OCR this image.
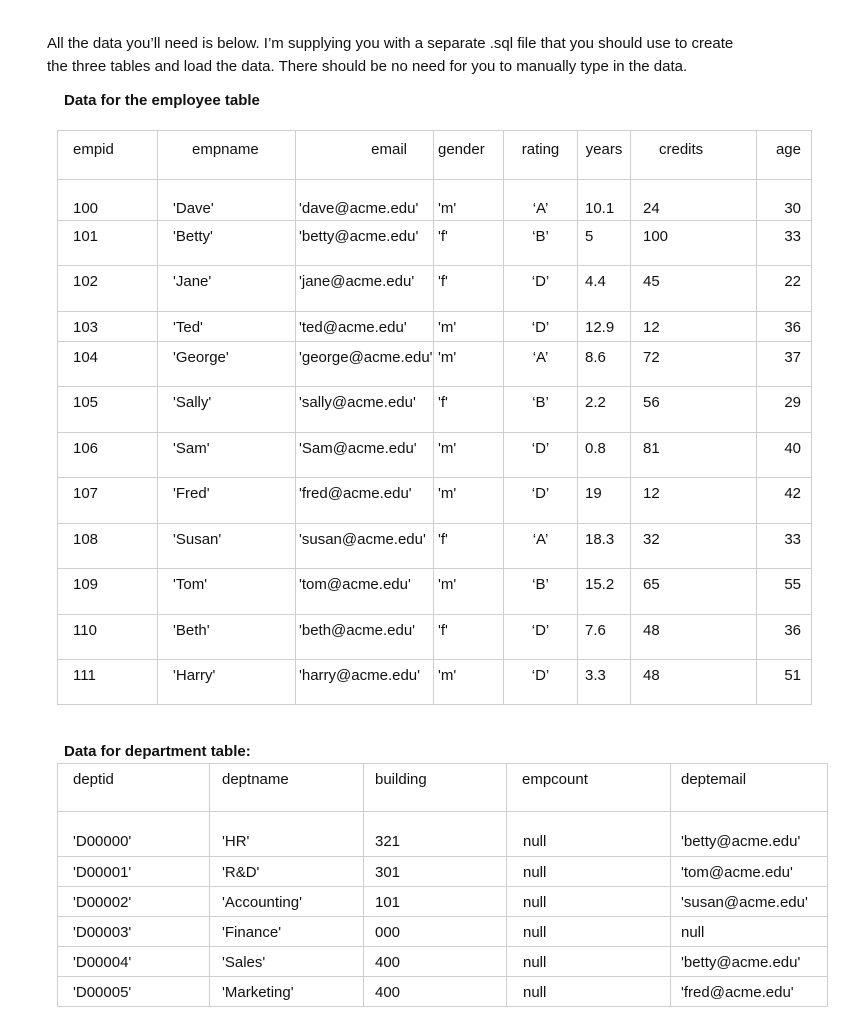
All the data you’ll need is below. I’m supplying you with a separate .sql file that you should use to create
the three tables and load the data. There should be no need for you to manually type in the data.
Data for the employee table
empid	empname	email	gender	rating	years	credits	age
100	'Dave'	'dave@acme.edu'	'm'	‘A’	10.1	24	30
101	'Betty'	'betty@acme.edu'	'f'	‘B’	5	100	33
102	'Jane'	'jane@acme.edu'	'f'	‘D’	4.4	45	22
103	'Ted'	'ted@acme.edu'	'm'	‘D’	12.9	12	36
104	'George'	'george@acme.edu'	'm'	‘A’	8.6	72	37
105	'Sally'	'sally@acme.edu'	'f'	‘B’	2.2	56	29
106	'Sam'	'Sam@acme.edu'	'm'	‘D’	0.8	81	40
107	'Fred'	'fred@acme.edu'	'm'	‘D’	19	12	42
108	'Susan'	'susan@acme.edu'	'f'	‘A’	18.3	32	33
109	'Tom'	'tom@acme.edu'	'm'	‘B’	15.2	65	55
110	'Beth'	'beth@acme.edu'	'f'	‘D’	7.6	48	36
111	'Harry'	'harry@acme.edu'	'm'	‘D’	3.3	48	51
Data for department table:
deptid	deptname	building	empcount	deptemail
'D00000'	'HR'	321	null	'betty@acme.edu'
'D00001'	'R&D'	301	null	'tom@acme.edu'
'D00002'	'Accounting'	101	null	'susan@acme.edu'
'D00003'	'Finance'	000	null	null
'D00004'	'Sales'	400	null	'betty@acme.edu'
'D00005'	'Marketing'	400	null	'fred@acme.edu'
